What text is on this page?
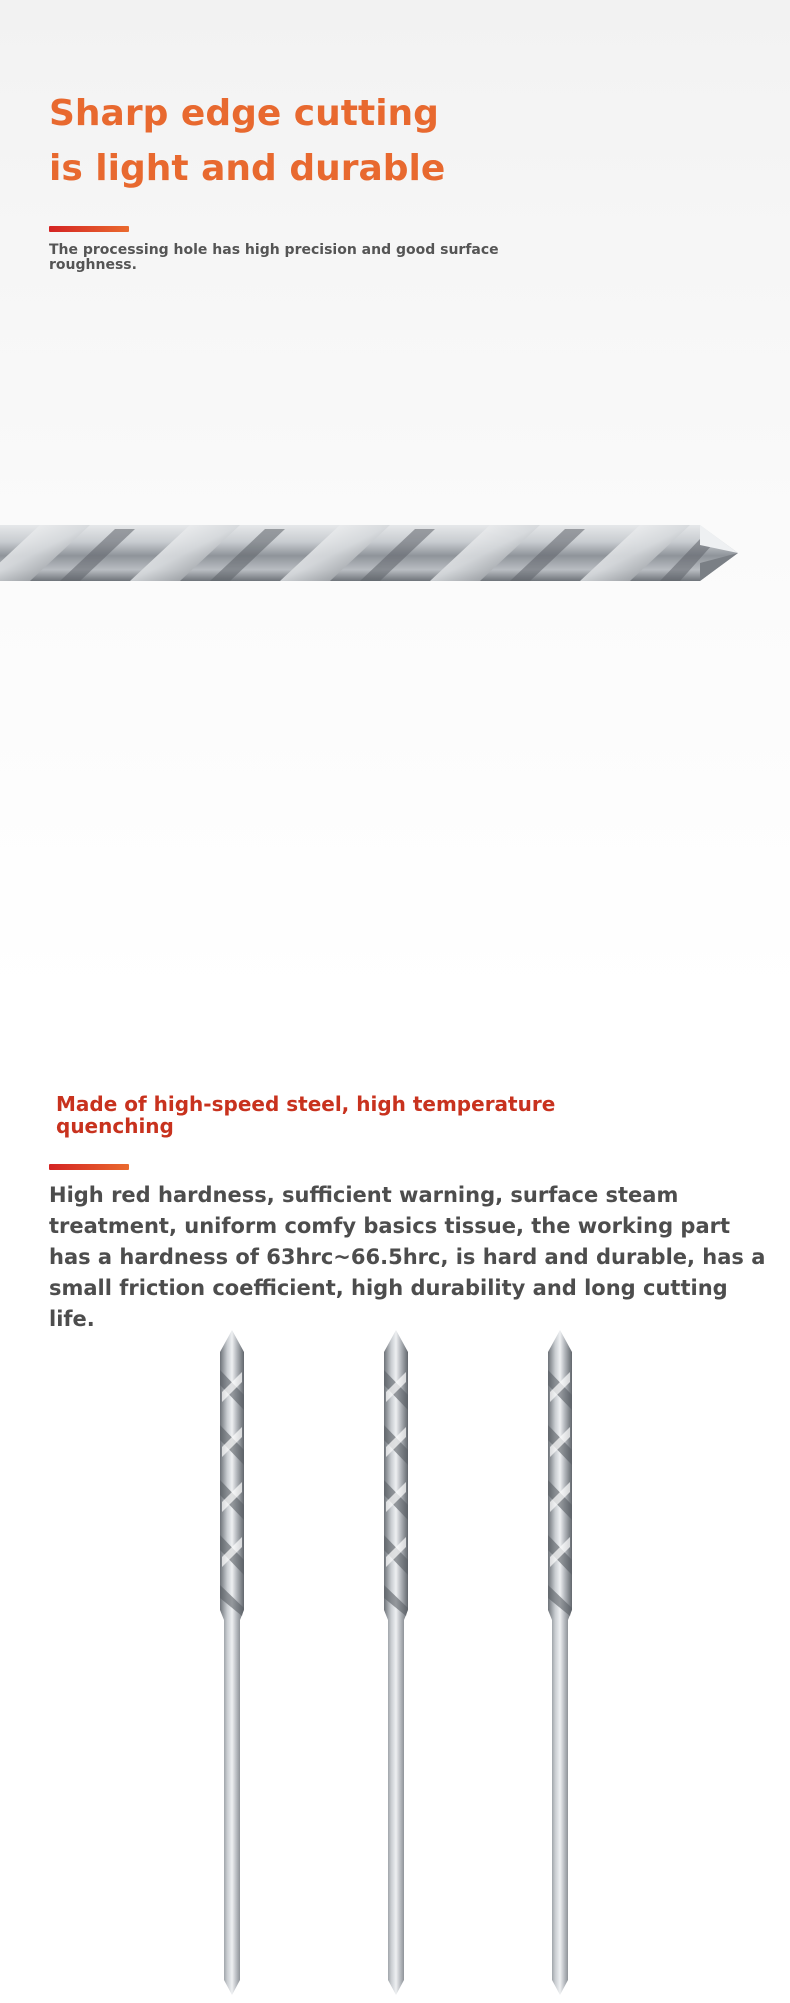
Sharp edge cutting
is light and durable

The processing hole has high precision and good surface roughness.

Made of high-speed steel, high temperature quenching

High red hardness, sufficient warning, surface steam treatment, uniform comfy basics tissue, the working part has a hardness of 63hrc~66.5hrc, is hard and durable, has a small friction coefficient, high durability and long cutting life.
